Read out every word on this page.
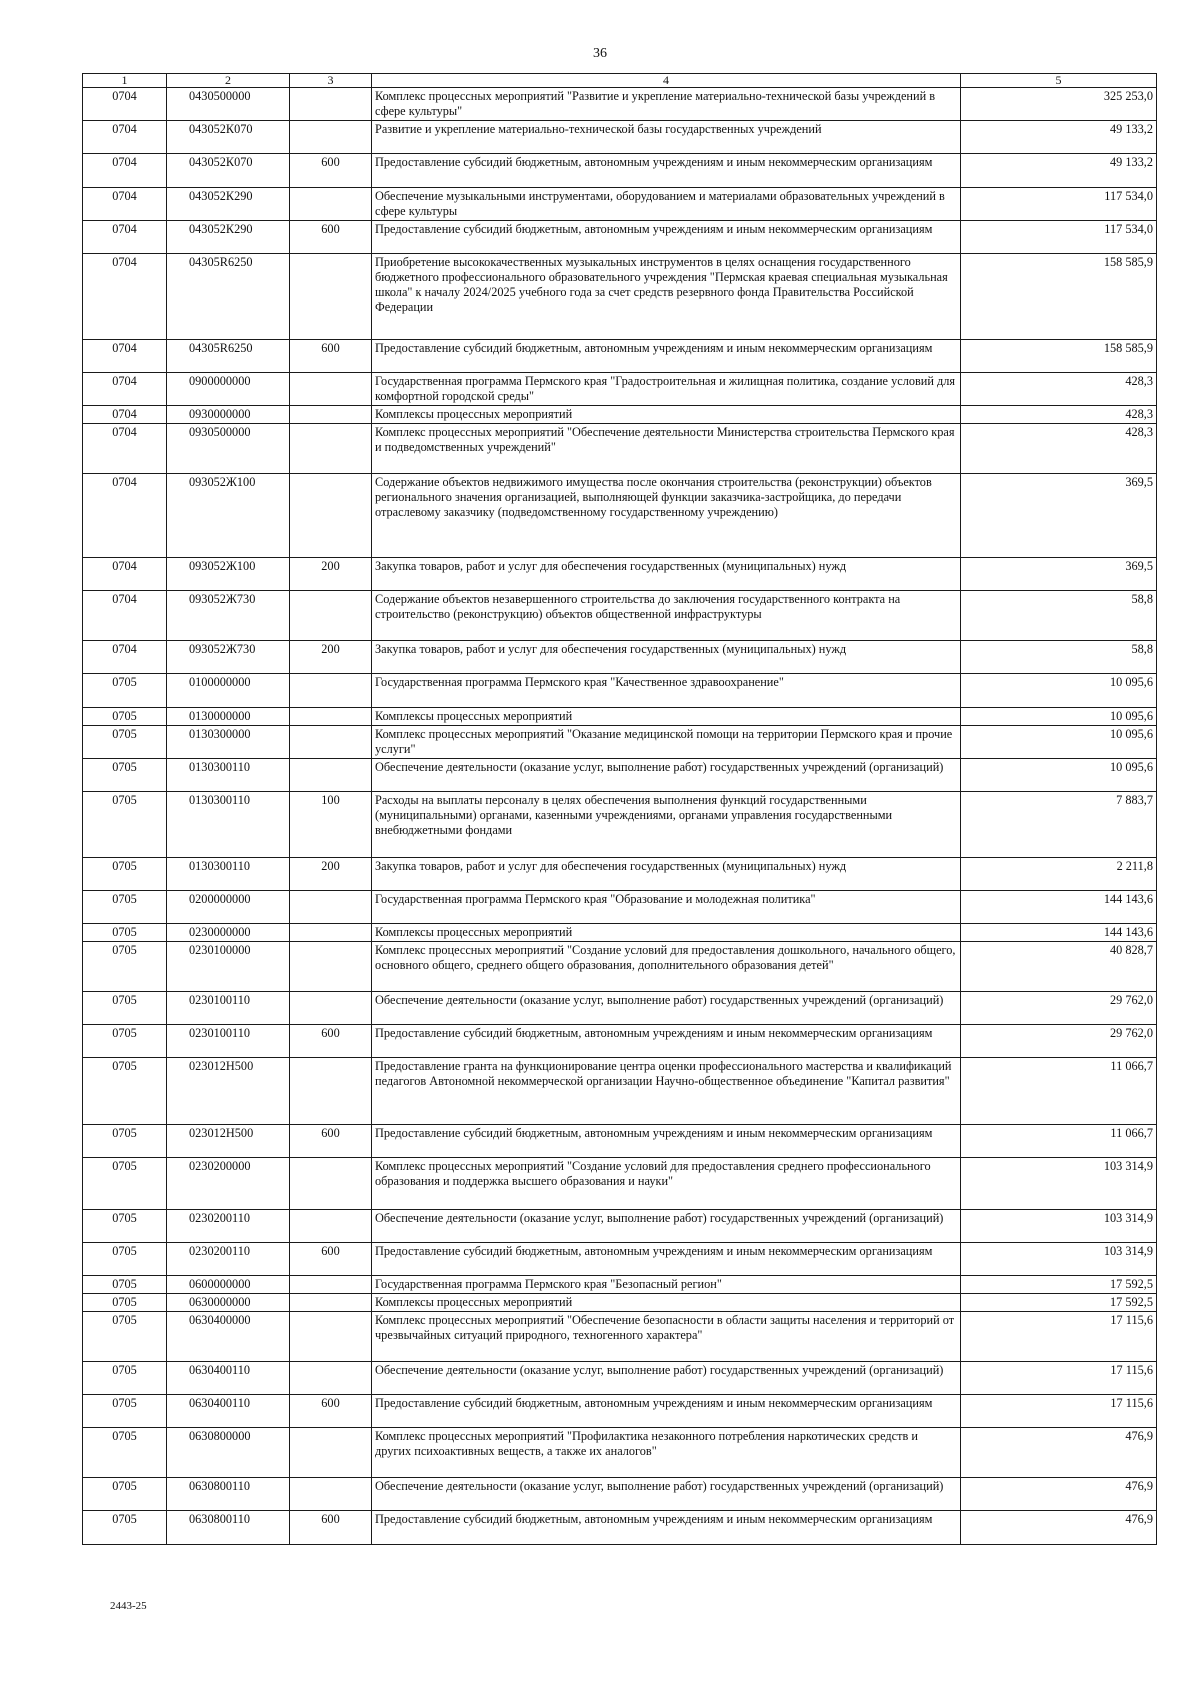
36
1	2	3	4	5
0704	0430500000		Комплекс процессных мероприятий "Развитие и укрепление материально-технической базы учреждений в сфере культуры"	325 253,0
0704	043052К070		Развитие и укрепление материально-технической базы государственных учреждений	49 133,2
0704	043052К070	600	Предоставление субсидий бюджетным, автономным учреждениям и иным некоммерческим организациям	49 133,2
0704	043052К290		Обеспечение музыкальными инструментами, оборудованием и материалами образовательных учреждений в сфере культуры	117 534,0
0704	043052К290	600	Предоставление субсидий бюджетным, автономным учреждениям и иным некоммерческим организациям	117 534,0
0704	04305R6250		Приобретение высококачественных музыкальных инструментов в целях оснащения государственного бюджетного профессионального образовательного учреждения "Пермская краевая специальная музыкальная школа" к началу 2024/2025 учебного года за счет средств резервного фонда Правительства Российской Федерации	158 585,9
0704	04305R6250	600	Предоставление субсидий бюджетным, автономным учреждениям и иным некоммерческим организациям	158 585,9
0704	0900000000		Государственная программа Пермского края "Градостроительная и жилищная политика, создание условий для комфортной городской среды"	428,3
0704	0930000000		Комплексы процессных мероприятий	428,3
0704	0930500000		Комплекс процессных мероприятий "Обеспечение деятельности Министерства строительства Пермского края и подведомственных учреждений"	428,3
0704	093052Ж100		Содержание объектов недвижимого имущества после окончания строительства (реконструкции) объектов регионального значения организацией, выполняющей функции заказчика-застройщика, до передачи отраслевому заказчику (подведомственному государственному учреждению)	369,5
0704	093052Ж100	200	Закупка товаров, работ и услуг для обеспечения государственных (муниципальных) нужд	369,5
0704	093052Ж730		Содержание объектов незавершенного строительства до заключения государственного контракта на строительство (реконструкцию) объектов общественной инфраструктуры	58,8
0704	093052Ж730	200	Закупка товаров, работ и услуг для обеспечения государственных (муниципальных) нужд	58,8
0705	0100000000		Государственная программа Пермского края "Качественное здравоохранение"	10 095,6
0705	0130000000		Комплексы процессных мероприятий	10 095,6
0705	0130300000		Комплекс процессных мероприятий "Оказание медицинской помощи на территории Пермского края и прочие услуги"	10 095,6
0705	0130300110		Обеспечение деятельности (оказание услуг, выполнение работ) государственных учреждений (организаций)	10 095,6
0705	0130300110	100	Расходы на выплаты персоналу в целях обеспечения выполнения функций государственными (муниципальными) органами, казенными учреждениями, органами управления государственными внебюджетными фондами	7 883,7
0705	0130300110	200	Закупка товаров, работ и услуг для обеспечения государственных (муниципальных) нужд	2 211,8
0705	0200000000		Государственная программа Пермского края "Образование и молодежная политика"	144 143,6
0705	0230000000		Комплексы процессных мероприятий	144 143,6
0705	0230100000		Комплекс процессных мероприятий "Создание условий для предоставления дошкольного, начального общего, основного общего, среднего общего образования, дополнительного образования детей"	40 828,7
0705	0230100110		Обеспечение деятельности (оказание услуг, выполнение работ) государственных учреждений (организаций)	29 762,0
0705	0230100110	600	Предоставление субсидий бюджетным, автономным учреждениям и иным некоммерческим организациям	29 762,0
0705	023012Н500		Предоставление гранта на функционирование центра оценки профессионального мастерства и квалификаций педагогов Автономной некоммерческой организации Научно-общественное объединение "Капитал развития"	11 066,7
0705	023012Н500	600	Предоставление субсидий бюджетным, автономным учреждениям и иным некоммерческим организациям	11 066,7
0705	0230200000		Комплекс процессных мероприятий "Создание условий для предоставления среднего профессионального образования и поддержка высшего образования и науки"	103 314,9
0705	0230200110		Обеспечение деятельности (оказание услуг, выполнение работ) государственных учреждений (организаций)	103 314,9
0705	0230200110	600	Предоставление субсидий бюджетным, автономным учреждениям и иным некоммерческим организациям	103 314,9
0705	0600000000		Государственная программа Пермского края "Безопасный регион"	17 592,5
0705	0630000000		Комплексы процессных мероприятий	17 592,5
0705	0630400000		Комплекс процессных мероприятий "Обеспечение безопасности в области защиты населения и территорий от чрезвычайных ситуаций природного, техногенного характера"	17 115,6
0705	0630400110		Обеспечение деятельности (оказание услуг, выполнение работ) государственных учреждений (организаций)	17 115,6
0705	0630400110	600	Предоставление субсидий бюджетным, автономным учреждениям и иным некоммерческим организациям	17 115,6
0705	0630800000		Комплекс процессных мероприятий "Профилактика незаконного потребления наркотических средств и других психоактивных веществ, а также их аналогов"	476,9
0705	0630800110		Обеспечение деятельности (оказание услуг, выполнение работ) государственных учреждений (организаций)	476,9
0705	0630800110	600	Предоставление субсидий бюджетным, автономным учреждениям и иным некоммерческим организациям	476,9
2443-25
